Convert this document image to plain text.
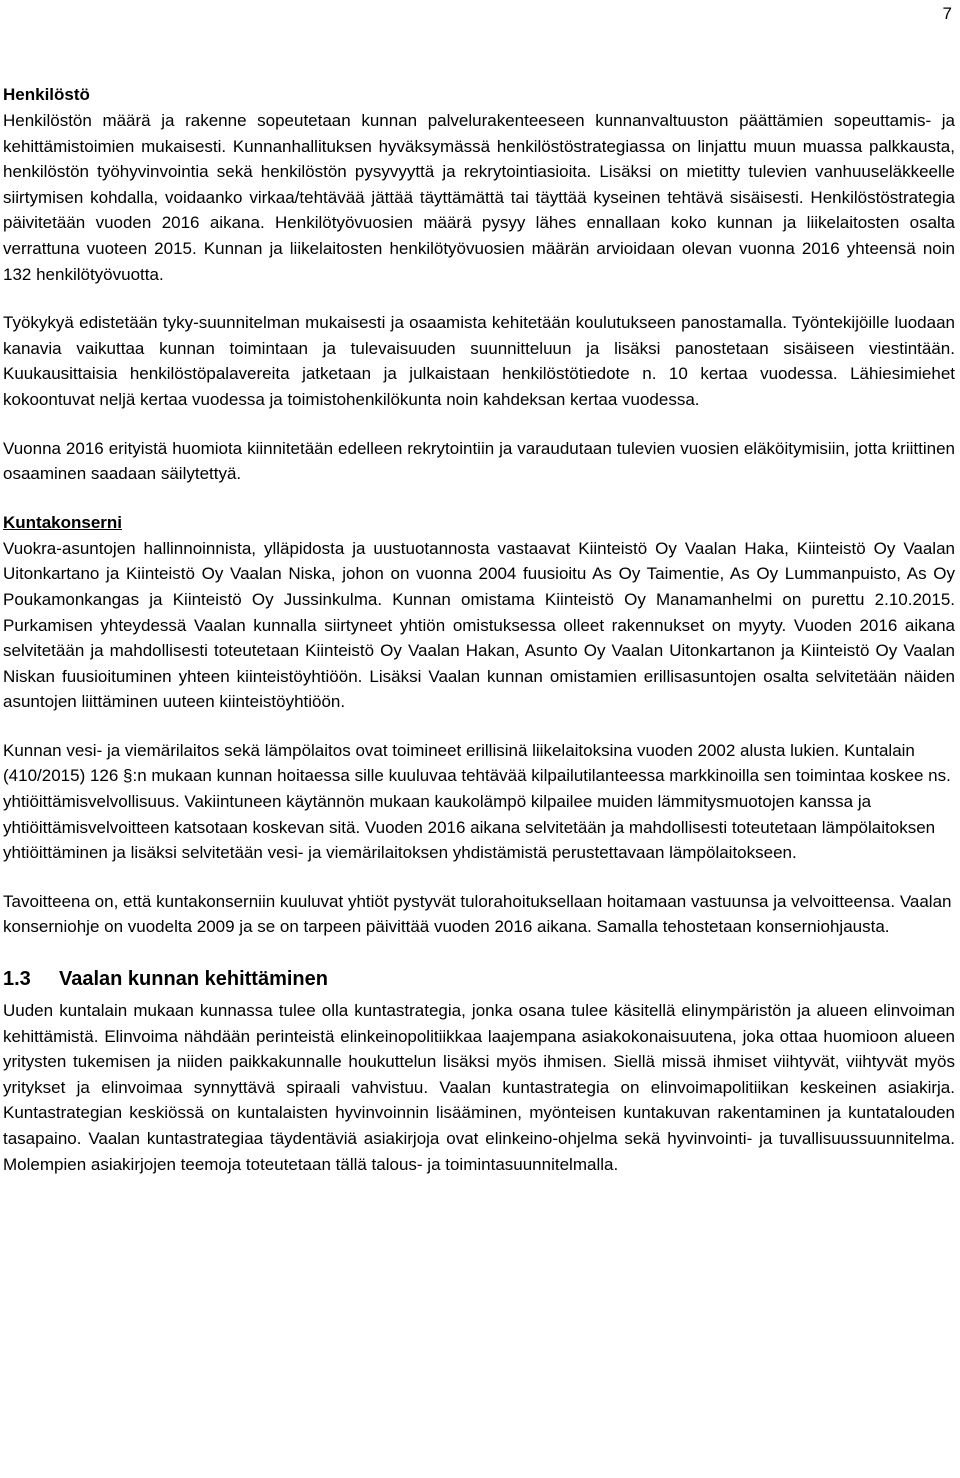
7
Henkilöstö

Henkilöstön määrä ja rakenne sopeutetaan kunnan palvelurakenteeseen kunnanvaltuuston päättämien sopeuttamis- ja kehittämistoimien mukaisesti. Kunnanhallituksen hyväksymässä henkilöstöstrategiassa on linjattu muun muassa palkkausta, henkilöstön työhyvinvointia sekä henkilöstön pysyvyyttä ja rekrytointiasioita. Lisäksi on mietitty tulevien vanhuuseläkkeelle siirtymisen kohdalla, voidaanko virkaa/tehtävää jättää täyttämättä tai täyttää kyseinen tehtävä sisäisesti. Henkilöstöstrategia päivitetään vuoden 2016 aikana. Henkilötyövuosien määrä pysyy lähes ennallaan koko kunnan ja liikelaitosten osalta verrattuna vuoteen 2015. Kunnan ja liikelaitosten henkilötyövuosien määrän arvioidaan olevan vuonna 2016 yhteensä noin 132 henkilötyövuotta.

Työkykyä edistetään tyky-suunnitelman mukaisesti ja osaamista kehitetään koulutukseen panostamalla. Työntekijöille luodaan kanavia vaikuttaa kunnan toimintaan ja tulevaisuuden suunnitteluun ja lisäksi panostetaan sisäiseen viestintään. Kuukausittaisia henkilöstöpalavereita jatketaan ja julkaistaan henkilöstötiedote n. 10 kertaa vuodessa. Lähiesimiehet kokoontuvat neljä kertaa vuodessa ja toimistohenkilökunta noin kahdeksan kertaa vuodessa.

Vuonna 2016 erityistä huomiota kiinnitetään edelleen rekrytointiin ja varaudutaan tulevien vuosien eläköitymisiin, jotta kriittinen osaaminen saadaan säilytettyä.

Kuntakonserni

Vuokra-asuntojen hallinnoinnista, ylläpidosta ja uustuotannosta vastaavat Kiinteistö Oy Vaalan Haka, Kiinteistö Oy Vaalan Uitonkartano ja Kiinteistö Oy Vaalan Niska, johon on vuonna 2004 fuusioitu As Oy Taimentie, As Oy Lummanpuisto, As Oy Poukamonkangas ja Kiinteistö Oy Jussinkulma. Kunnan omistama Kiinteistö Oy Manamanhelmi on purettu 2.10.2015. Purkamisen yhteydessä Vaalan kunnalla siirtyneet yhtiön omistuksessa olleet rakennukset on myyty. Vuoden 2016 aikana selvitetään ja mahdollisesti toteutetaan Kiinteistö Oy Vaalan Hakan, Asunto Oy Vaalan Uitonkartanon ja Kiinteistö Oy Vaalan Niskan fuusioituminen yhteen kiinteistöyhtiöön. Lisäksi Vaalan kunnan omistamien erillisasuntojen osalta selvitetään näiden asuntojen liittäminen uuteen kiinteistöyhtiöön.

Kunnan vesi- ja viemärilaitos sekä lämpölaitos ovat toimineet erillisinä liikelaitoksina vuoden 2002 alusta lukien. Kuntalain (410/2015) 126 §:n mukaan kunnan hoitaessa sille kuuluvaa tehtävää kilpailutilanteessa markkinoilla sen toimintaa koskee ns. yhtiöittämisvelvollisuus. Vakiintuneen käytännön mukaan kaukolämpö kilpailee muiden lämmitysmuotojen kanssa ja yhtiöittämisvelvoitteen katsotaan koskevan sitä. Vuoden 2016 aikana selvitetään ja mahdollisesti toteutetaan lämpölaitoksen yhtiöittäminen ja lisäksi selvitetään vesi- ja viemärilaitoksen yhdistämistä perustettavaan lämpölaitokseen.

Tavoitteena on, että kuntakonserniin kuuluvat yhtiöt pystyvät tulorahoituksellaan hoitamaan vastuunsa ja velvoitteensa. Vaalan konserniohje on vuodelta 2009 ja se on tarpeen päivittää vuoden 2016 aikana. Samalla tehostetaan konserniohjausta.

1.3	Vaalan kunnan kehittäminen

Uuden kuntalain mukaan kunnassa tulee olla kuntastrategia, jonka osana tulee käsitellä elinympäristön ja alueen elinvoiman kehittämistä. Elinvoima nähdään perinteistä elinkeinopolitiikkaa laajempana asiakokonaisuutena, joka ottaa huomioon alueen yritysten tukemisen ja niiden paikkakunnalle houkuttelun lisäksi myös ihmisen. Siellä missä ihmiset viihtyvät, viihtyvät myös yritykset ja elinvoimaa synnyttävä spiraali vahvistuu. Vaalan kuntastrategia on elinvoimapolitiikan keskeinen asiakirja. Kuntastrategian keskiössä on kuntalaisten hyvinvoinnin lisääminen, myönteisen kuntakuvan rakentaminen ja kuntatalouden tasapaino. Vaalan kuntastrategiaa täydentäviä asiakirjoja ovat elinkeino-ohjelma sekä hyvinvointi- ja tuvallisuussuunnitelma. Molempien asiakirjojen teemoja toteutetaan tällä talous- ja toimintasuunnitelmalla.
